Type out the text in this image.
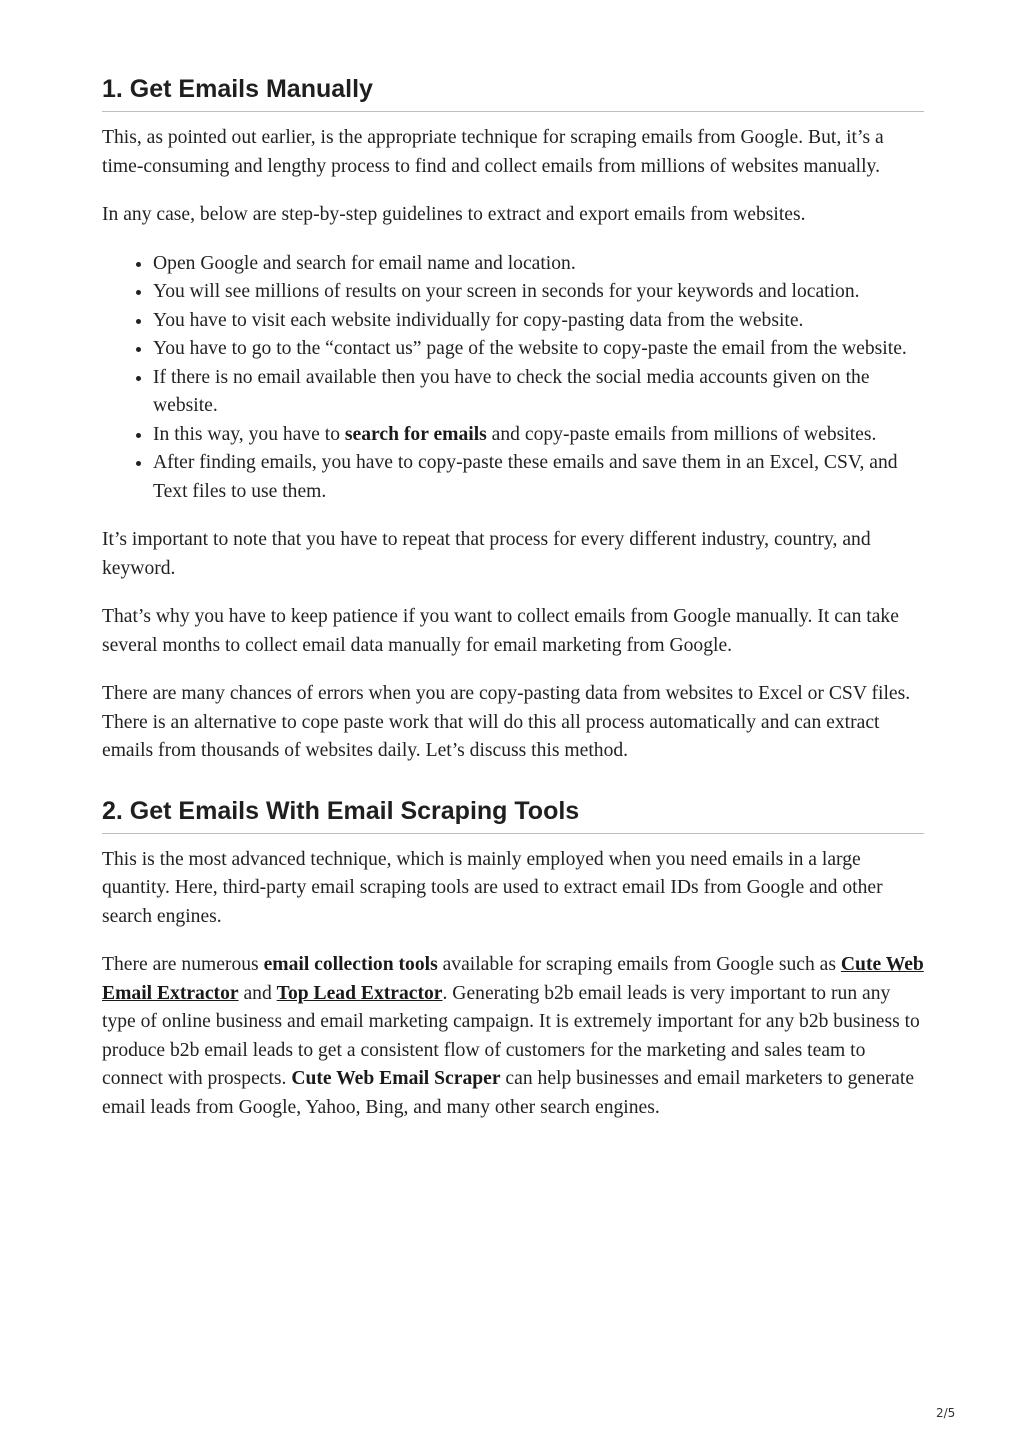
1. Get Emails Manually

This, as pointed out earlier, is the appropriate technique for scraping emails from Google. But, it’s a time-consuming and lengthy process to find and collect emails from millions of websites manually.

In any case, below are step-by-step guidelines to extract and export emails from websites.

• Open Google and search for email name and location.
• You will see millions of results on your screen in seconds for your keywords and location.
• You have to visit each website individually for copy-pasting data from the website.
• You have to go to the “contact us” page of the website to copy-paste the email from the website.
• If there is no email available then you have to check the social media accounts given on the website.
• In this way, you have to search for emails and copy-paste emails from millions of websites.
• After finding emails, you have to copy-paste these emails and save them in an Excel, CSV, and Text files to use them.

It’s important to note that you have to repeat that process for every different industry, country, and keyword.

That’s why you have to keep patience if you want to collect emails from Google manually. It can take several months to collect email data manually for email marketing from Google.

There are many chances of errors when you are copy-pasting data from websites to Excel or CSV files. There is an alternative to cope paste work that will do this all process automatically and can extract emails from thousands of websites daily. Let’s discuss this method.

2. Get Emails With Email Scraping Tools

This is the most advanced technique, which is mainly employed when you need emails in a large quantity. Here, third-party email scraping tools are used to extract email IDs from Google and other search engines.

There are numerous email collection tools available for scraping emails from Google such as Cute Web Email Extractor and Top Lead Extractor. Generating b2b email leads is very important to run any type of online business and email marketing campaign. It is extremely important for any b2b business to produce b2b email leads to get a consistent flow of customers for the marketing and sales team to connect with prospects. Cute Web Email Scraper can help businesses and email marketers to generate email leads from Google, Yahoo, Bing, and many other search engines.

2/5
